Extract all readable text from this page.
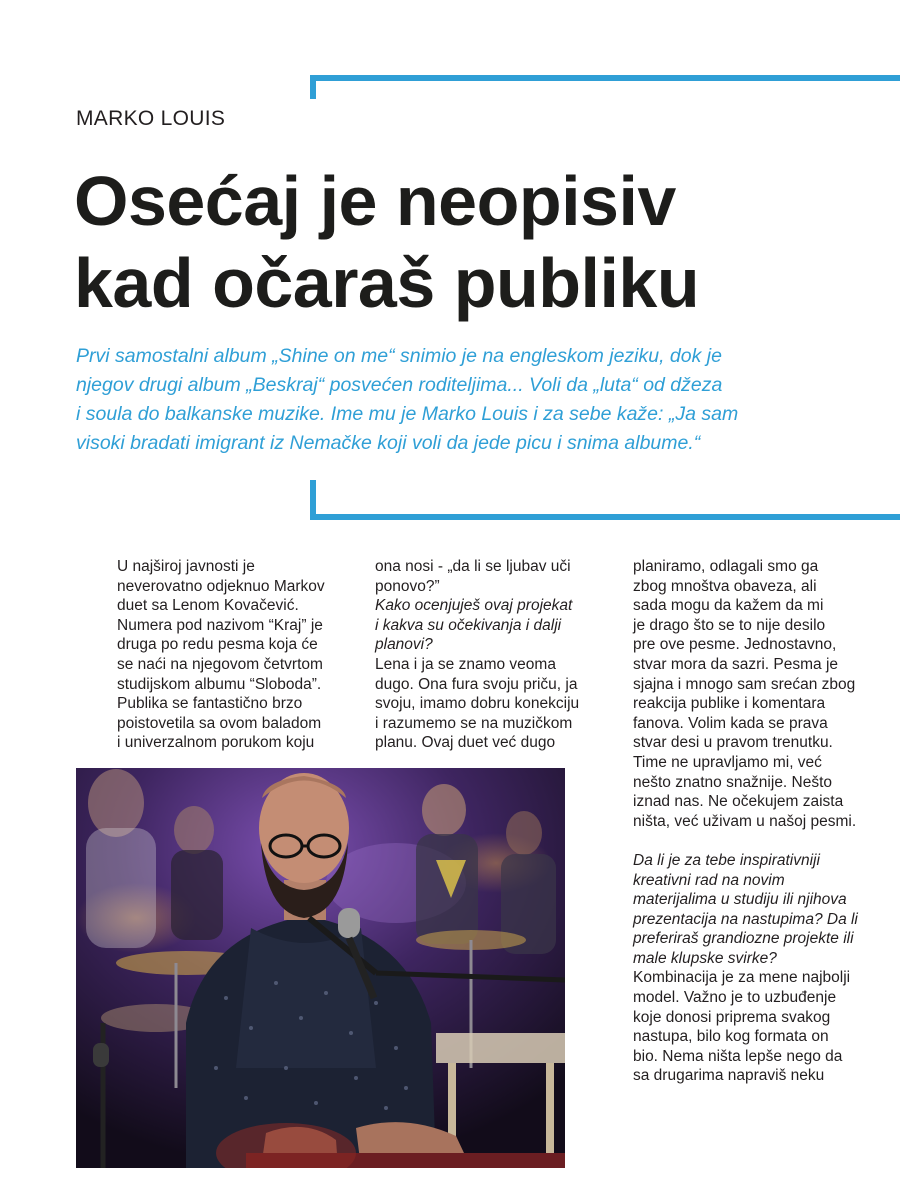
MARKO LOUIS
Osećaj je neopisiv
kad očaraš publiku
Prvi samostalni album „Shine on me“ snimio je na engleskom jeziku, dok je
njegov drugi album „Beskraj“ posvećen roditeljima... Voli da „luta“ od džeza
i soula do balkanske muzike. Ime mu je Marko Louis i za sebe kaže: „Ja sam
visoki bradati imigrant iz Nemačke koji voli da jede picu i snima albume.“
U najširoj javnosti je
neverovatno odjeknuo Markov
duet sa Lenom Kovačević.
Numera pod nazivom “Kraj” je
druga po redu pesma koja će
se naći na njegovom četvrtom
studijskom albumu “Sloboda”.
Publika se fantastično brzo
poistovetila sa ovom baladom
i univerzalnom porukom koju
ona nosi - „da li se ljubav uči
ponovo?”
Kako ocenjuješ ovaj projekat
i kakva su očekivanja i dalji
planovi?
Lena i ja se znamo veoma
dugo. Ona fura svoju priču, ja
svoju, imamo dobru konekciju
i razumemo se na muzičkom
planu. Ovaj duet već dugo
planiramo, odlagali smo ga
zbog mnoštva obaveza, ali
sada mogu da kažem da mi
je drago što se to nije desilo
pre ove pesme. Jednostavno,
stvar mora da sazri. Pesma je
sjajna i mnogo sam srećan zbog
reakcija publike i komentara
fanova. Volim kada se prava
stvar desi u pravom trenutku.
Time ne upravljamo mi, već
nešto znatno snažnije. Nešto
iznad nas. Ne očekujem zaista
ništa, već uživam u našoj pesmi.
Da li je za tebe inspirativniji
kreativni rad na novim
materijalima u studiju ili njihova
prezentacija na nastupima? Da li
preferiraš grandiozne projekte ili
male klupske svirke?
Kombinacija je za mene najbolji
model. Važno je to uzbuđenje
koje donosi priprema svakog
nastupa, bilo kog formata on
bio. Nema ništa lepše nego da
sa drugarima napraviš neku
